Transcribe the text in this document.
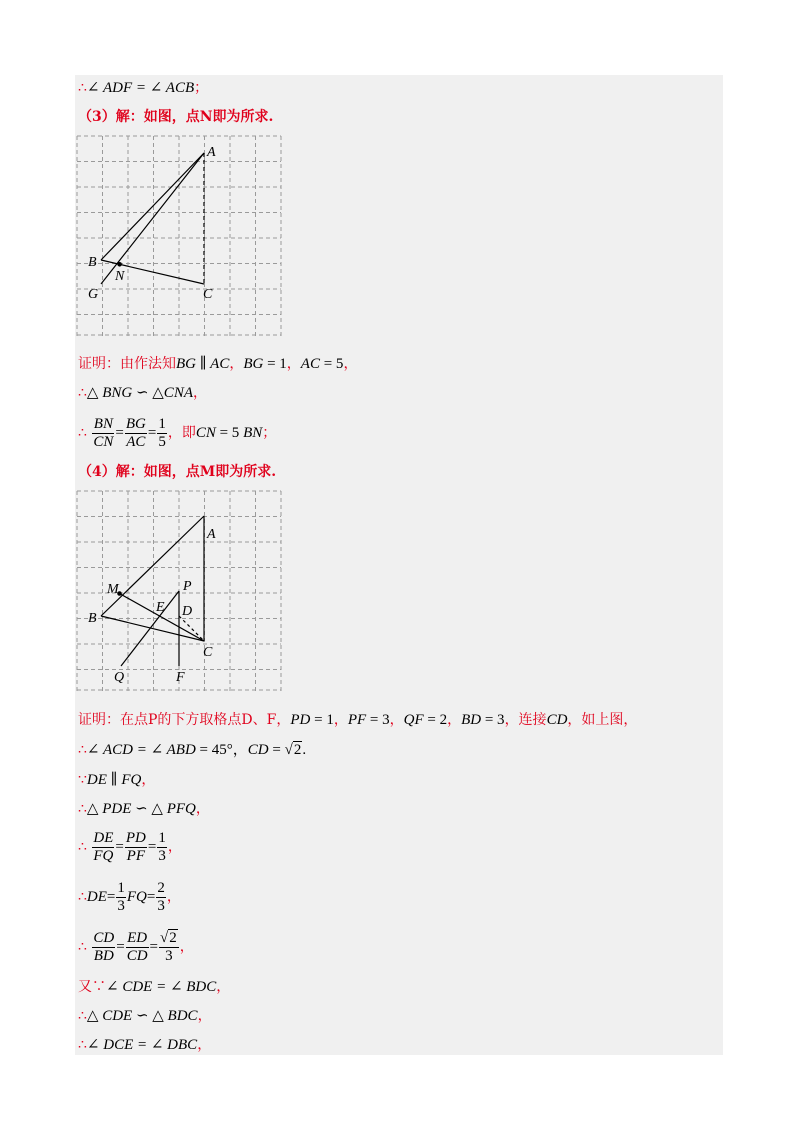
∴∠ ADF = ∠ ACB；
（3）解：如图，点N即为所求.
A
B
N
G	C
证明：由作法知BG ∥ AC，BG = 1，AC = 5，
∴△ BNG ∽ △CNA，
∴ $\frac{BN}{CN} = \frac{BG}{AC} = \frac{1}{5}$ ，即CN = 5 BN；
（4）解：如图，点M即为所求.
A
M	P
E D
B
C
Q	F
证明：在点P的下方取格点D、F，PD = 1，PF = 3，QF = 2，BD = 3，连接CD，如上图，
∴∠ ACD = ∠ ABD = 45°，CD = √2.
∵DE ∥ FQ，
∴△ PDE ∽ △ PFQ，
∴ $\frac{DE}{FQ} = \frac{PD}{PF} = \frac{1}{3}$ ，
∴DE= $\frac{1}{3} FQ= \frac{2}{3}$ ，
∴ $\frac{CD}{BD} = \frac{ED}{CD} = \frac{√2}{3}$ ，
又∵∠ CDE = ∠ BDC，
∴△ CDE ∽ △ BDC，
∴∠ DCE = ∠ DBC，
